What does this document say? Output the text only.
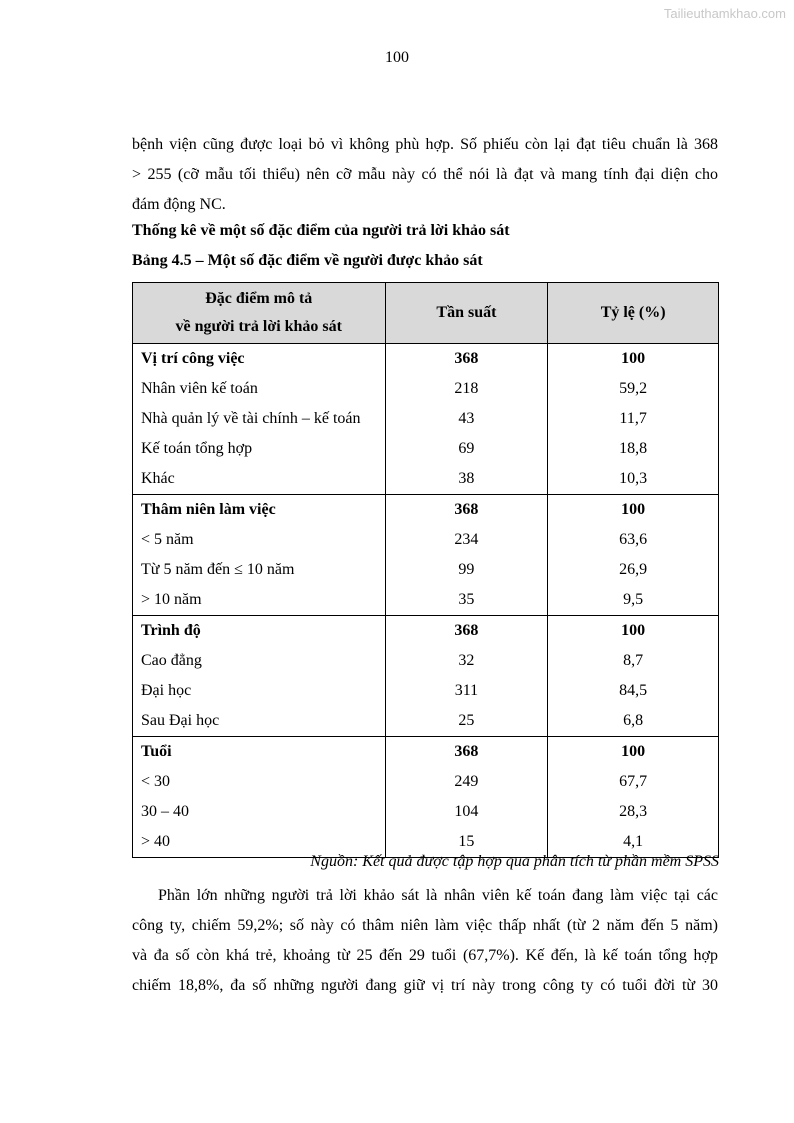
Tailieuthamkhao.com
100
bệnh viện cũng được loại bỏ vì không phù hợp. Số phiếu còn lại đạt tiêu chuẩn là 368
> 255 (cỡ mẫu tối thiểu) nên cỡ mẫu này có thể nói là đạt và mang tính đại diện cho
đám động NC.
Thống kê về một số đặc điểm của người trả lời khảo sát
Bảng 4.5 – Một số đặc điểm về người được khảo sát
Đặc điểm mô tả
về người trả lời khảo sát	Tần suất	Tỷ lệ (%)
Vị trí công việc	368	100
Nhân viên kế toán	218	59,2
Nhà quản lý về tài chính – kế toán	43	11,7
Kế toán tổng hợp	69	18,8
Khác	38	10,3
Thâm niên làm việc	368	100
< 5 năm	234	63,6
Từ 5 năm đến ≤ 10 năm	99	26,9
> 10 năm	35	9,5
Trình độ	368	100
Cao đẳng	32	8,7
Đại học	311	84,5
Sau Đại học	25	6,8
Tuổi	368	100
< 30	249	67,7
30 – 40	104	28,3
> 40	15	4,1
Nguồn: Kết quả được tập hợp qua phân tích từ phần mềm SPSS
Phần lớn những người trả lời khảo sát là nhân viên kế toán đang làm việc tại các
công ty, chiếm 59,2%; số này có thâm niên làm việc thấp nhất (từ 2 năm đến 5 năm)
và đa số còn khá trẻ, khoảng từ 25 đến 29 tuổi (67,7%). Kế đến, là kế toán tổng hợp
chiếm 18,8%, đa số những người đang giữ vị trí này trong công ty có tuổi đời từ 30
